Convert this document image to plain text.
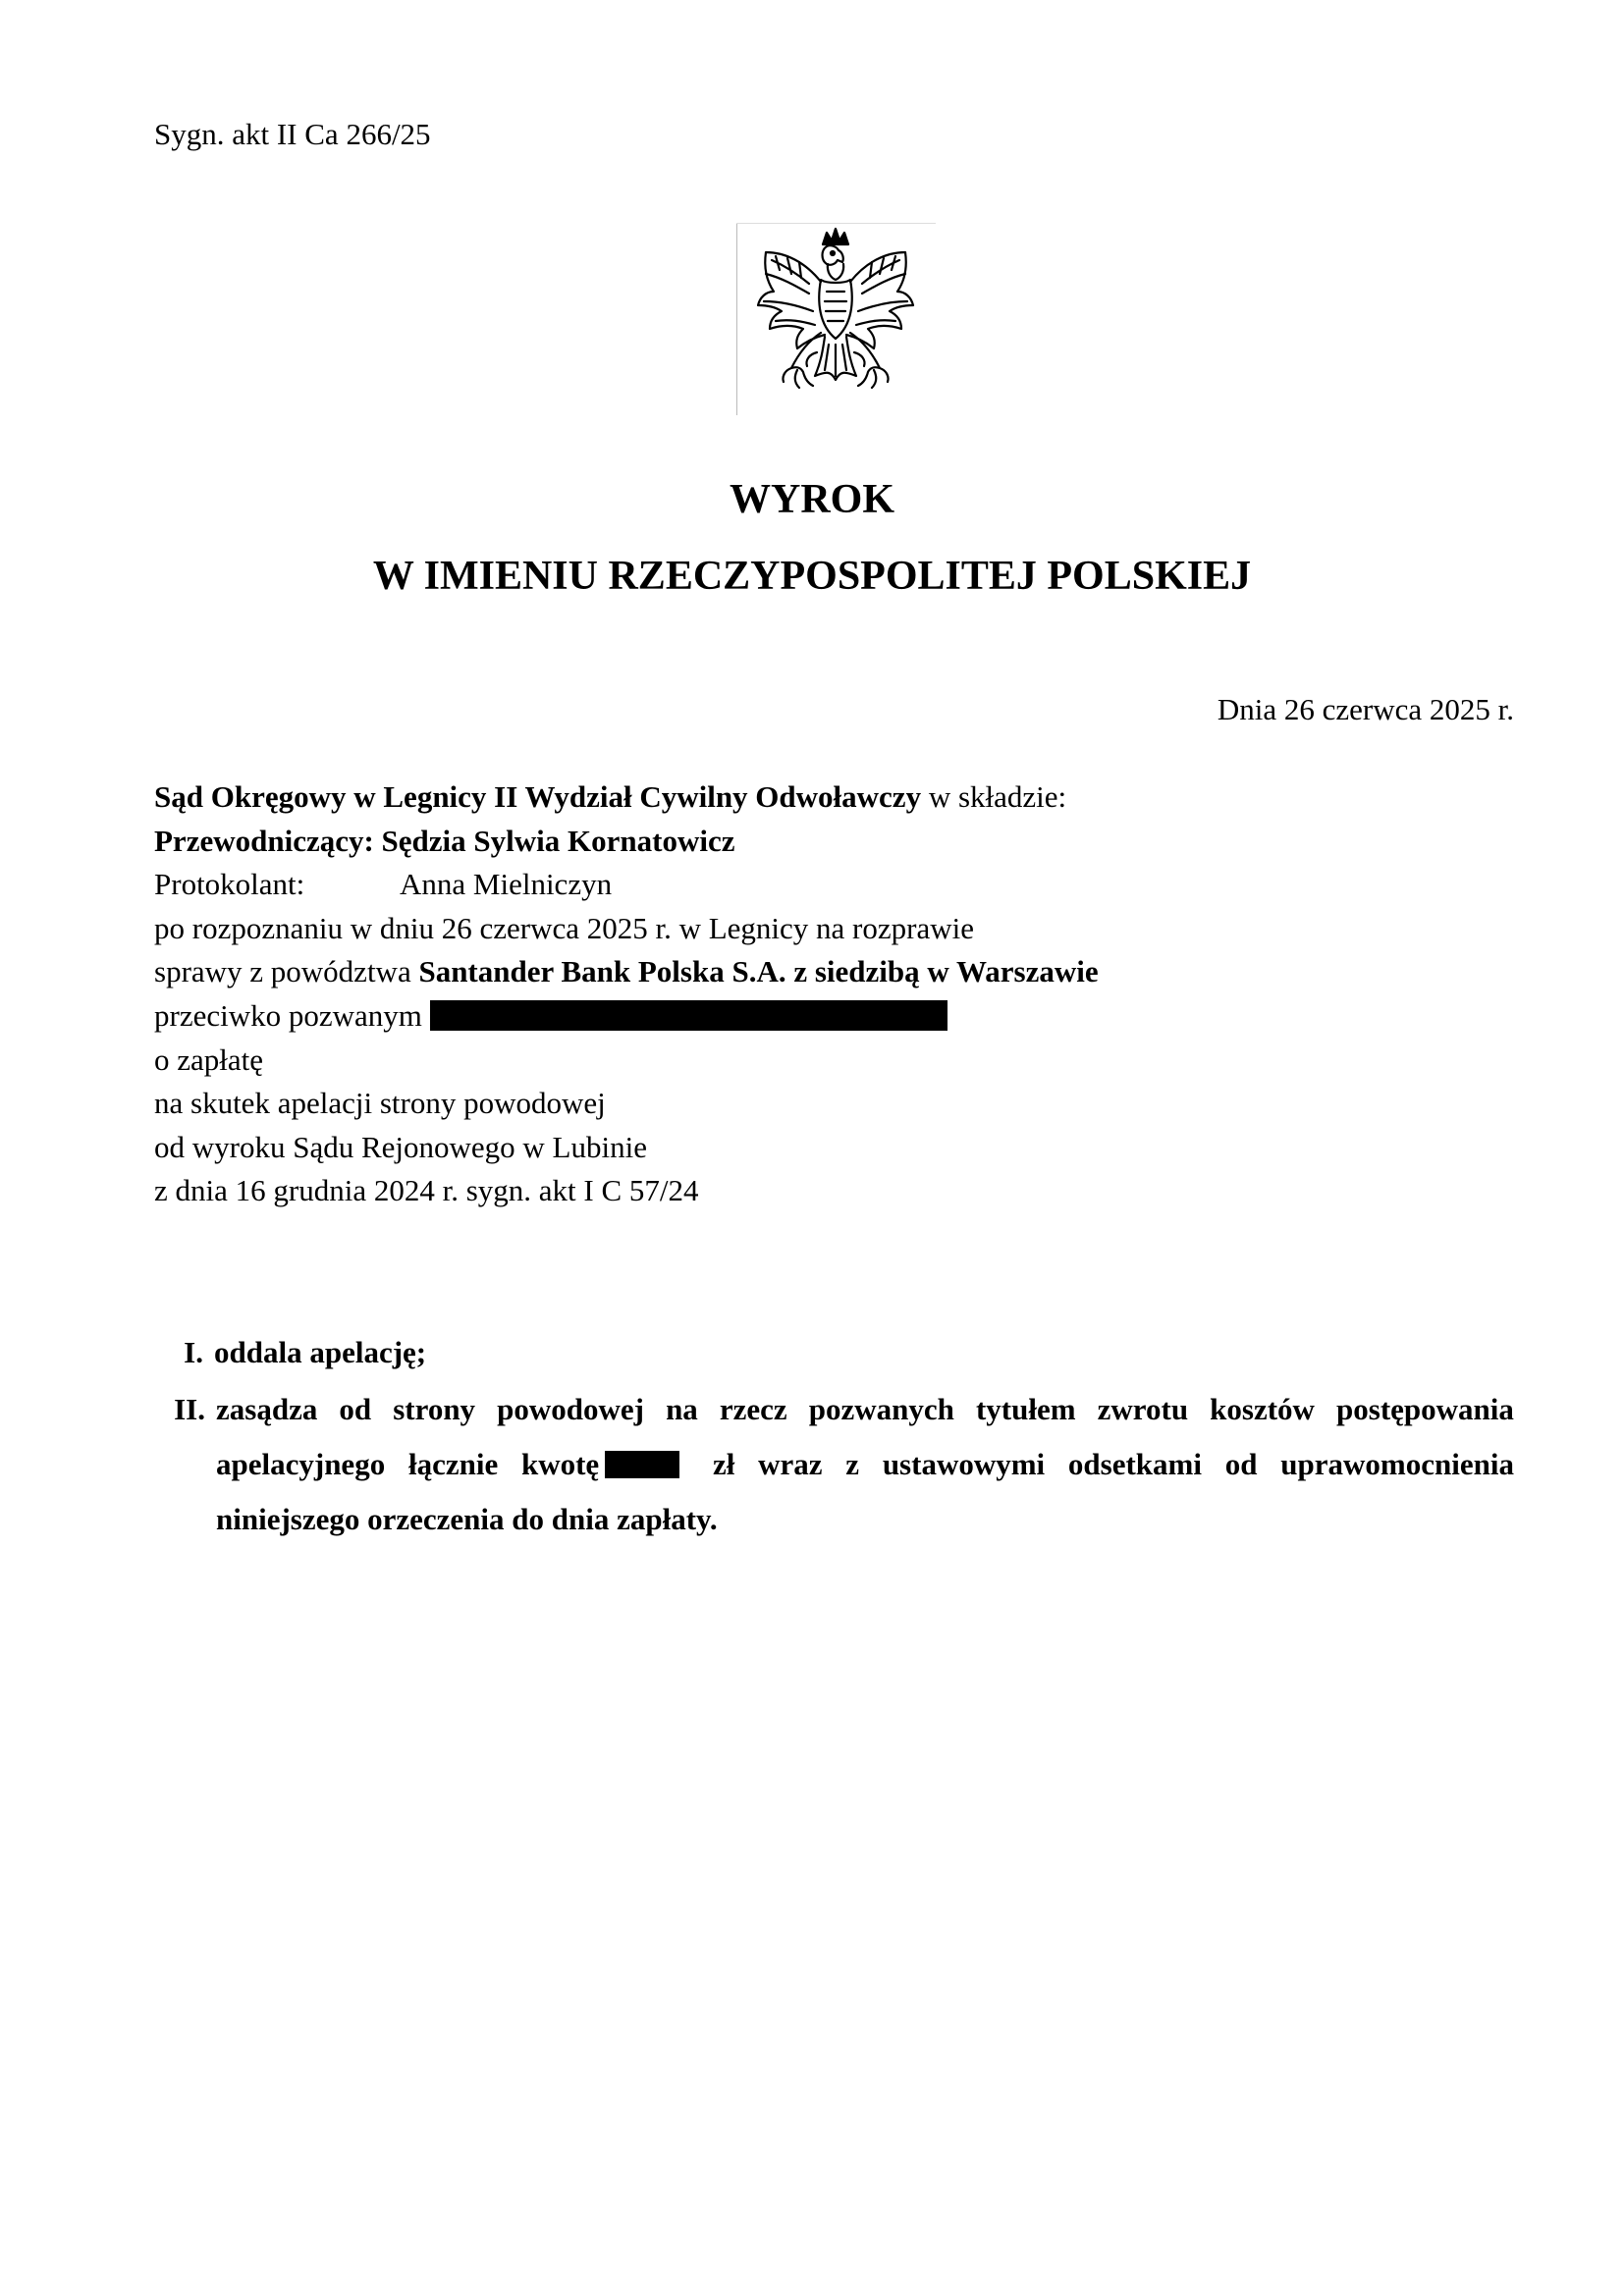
Sygn. akt II Ca 266/25
WYROK
W IMIENIU RZECZYPOSPOLITEJ POLSKIEJ
Dnia 26 czerwca 2025 r.
Sąd Okręgowy w Legnicy II Wydział Cywilny Odwoławczy w składzie:
Przewodniczący: Sędzia Sylwia Kornatowicz
Protokolant:	Anna Mielniczyn
po rozpoznaniu w dniu 26 czerwca 2025 r. w Legnicy na rozprawie
sprawy z powództwa Santander Bank Polska S.A. z siedzibą w Warszawie
przeciwko pozwanym
o zapłatę
na skutek apelacji strony powodowej
od wyroku Sądu Rejonowego w Lubinie
z dnia 16 grudnia 2024 r. sygn. akt I C 57/24
I. oddala apelację;
II. zasądza od strony powodowej na rzecz pozwanych tytułem zwrotu kosztów postępowania
apelacyjnego łącznie kwotę	zł wraz z ustawowymi odsetkami od uprawomocnienia
niniejszego orzeczenia do dnia zapłaty.
